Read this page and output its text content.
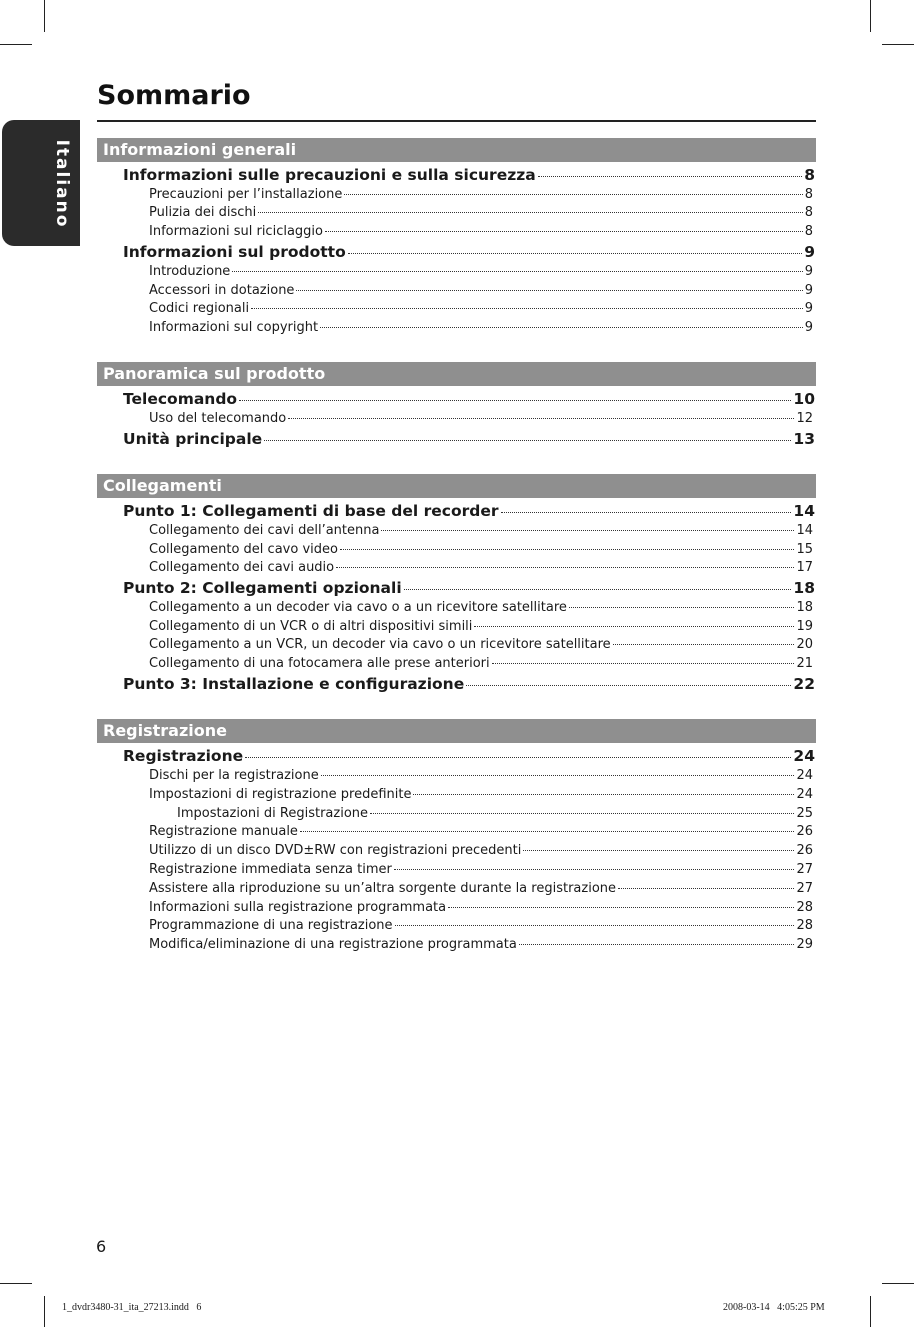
Italiano
Sommario
Informazioni generali
Informazioni sulle precauzioni e sulla sicurezza	8
Precauzioni per l’installazione	8
Pulizia dei dischi	8
Informazioni sul riciclaggio	8
Informazioni sul prodotto	9
Introduzione	9
Accessori in dotazione	9
Codici regionali	9
Informazioni sul copyright	9
Panoramica sul prodotto
Telecomando	10
Uso del telecomando	12
Unità principale	13
Collegamenti
Punto 1: Collegamenti di base del recorder	14
Collegamento dei cavi dell’antenna	14
Collegamento del cavo video	15
Collegamento dei cavi audio	17
Punto 2: Collegamenti opzionali	18
Collegamento a un decoder via cavo o a un ricevitore satellitare	18
Collegamento di un VCR o di altri dispositivi simili	19
Collegamento a un VCR, un decoder via cavo o un ricevitore satellitare	20
Collegamento di una fotocamera alle prese anteriori	21
Punto 3: Installazione e configurazione	22
Registrazione
Registrazione	24
Dischi per la registrazione	24
Impostazioni di registrazione predefinite	24
Impostazioni di Registrazione	25
Registrazione manuale	26
Utilizzo di un disco DVD±RW con registrazioni precedenti	26
Registrazione immediata senza timer	27
Assistere alla riproduzione su un’altra sorgente durante la registrazione	27
Informazioni sulla registrazione programmata	28
Programmazione di una registrazione	28
Modifica/eliminazione di una registrazione programmata	29
6
1_dvdr3480-31_ita_27213.indd   6	2008-03-14   4:05:25 PM
